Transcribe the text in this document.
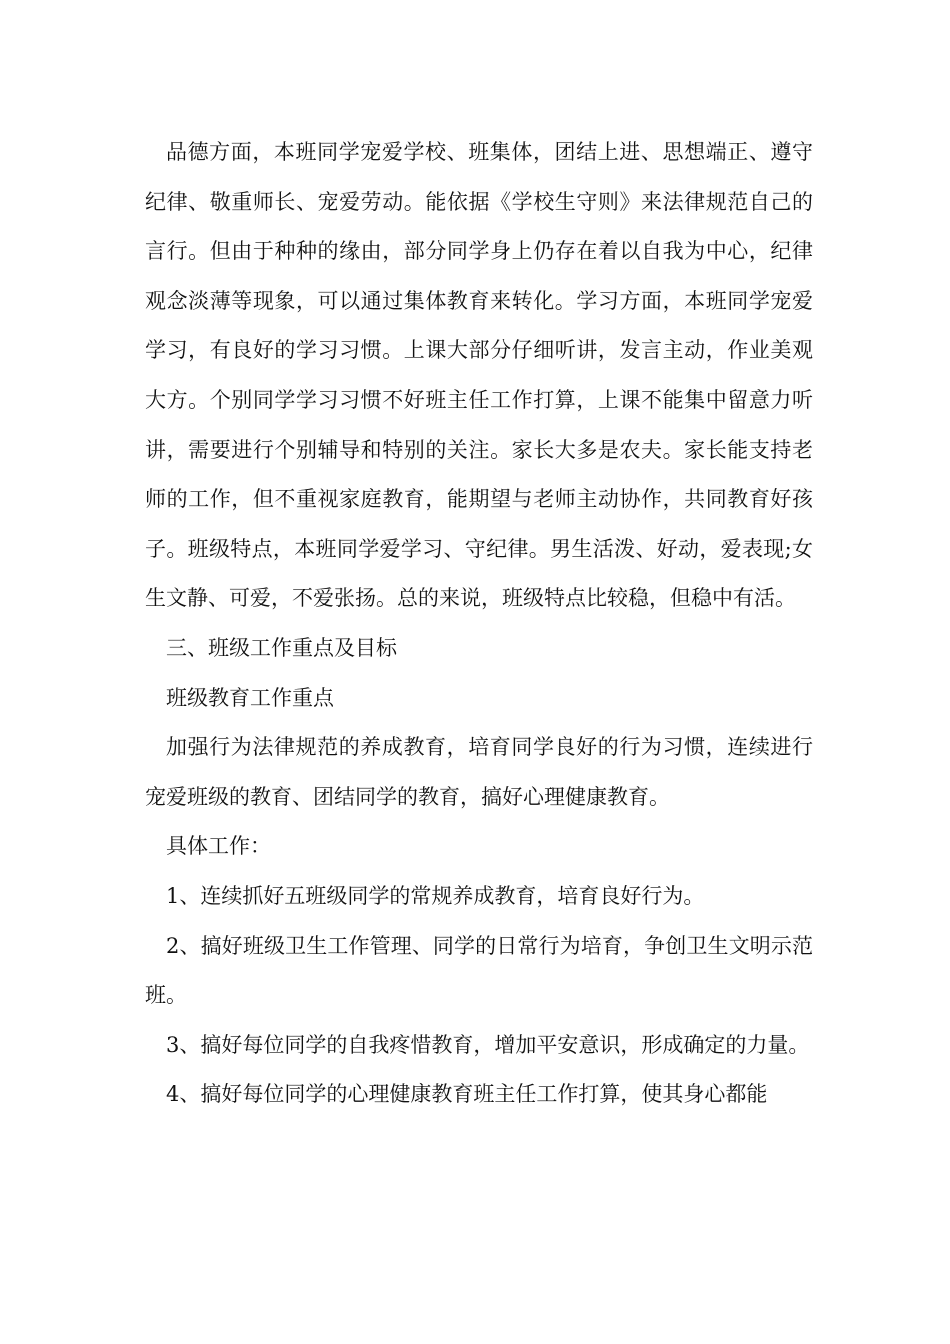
品德方面，本班同学宠爱学校、班集体，团结上进、思想端正、遵守纪律、敬重师长、宠爱劳动。能依据《学校生守则》来法律规范自己的言行。但由于种种的缘由，部分同学身上仍存在着以自我为中心，纪律观念淡薄等现象，可以通过集体教育来转化。学习方面，本班同学宠爱学习，有良好的学习习惯。上课大部分仔细听讲，发言主动，作业美观大方。个别同学学习习惯不好班主任工作打算，上课不能集中留意力听讲，需要进行个别辅导和特别的关注。家长大多是农夫。家长能支持老师的工作，但不重视家庭教育，能期望与老师主动协作，共同教育好孩子。班级特点，本班同学爱学习、守纪律。男生活泼、好动，爱表现;女生文静、可爱，不爱张扬。总的来说，班级特点比较稳，但稳中有活。

三、班级工作重点及目标

班级教育工作重点

加强行为法律规范的养成教育，培育同学良好的行为习惯，连续进行宠爱班级的教育、团结同学的教育，搞好心理健康教育。

具体工作：

1、连续抓好五班级同学的常规养成教育，培育良好行为。

2、搞好班级卫生工作管理、同学的日常行为培育，争创卫生文明示范班。

3、搞好每位同学的自我疼惜教育，增加平安意识，形成确定的力量。

4、搞好每位同学的心理健康教育班主任工作打算，使其身心都能
